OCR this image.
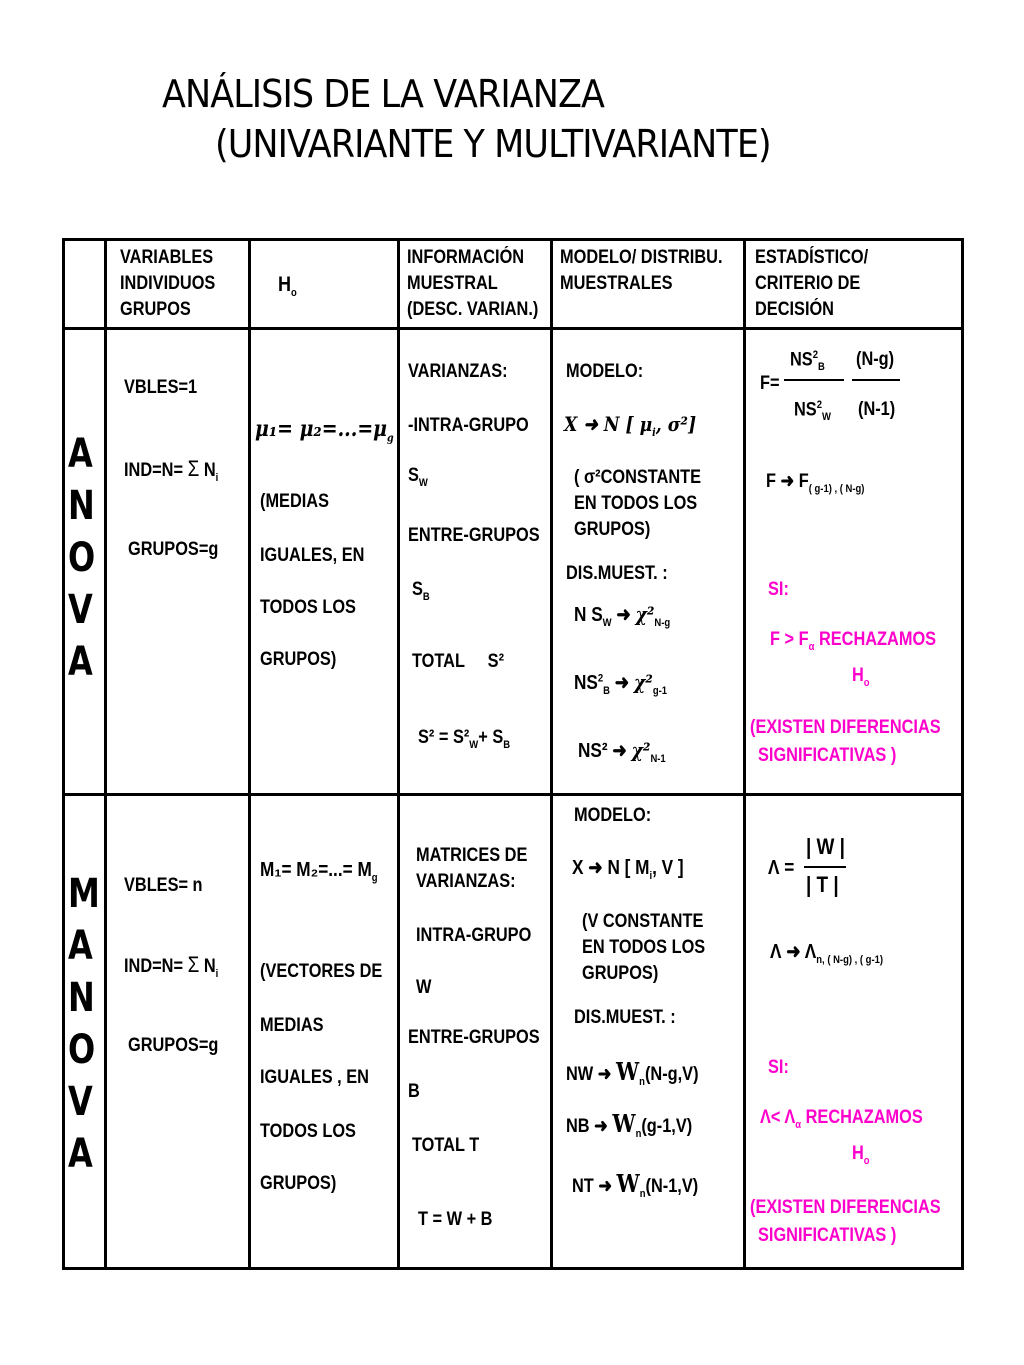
ANÁLISIS DE LA VARIANZA
(UNIVARIANTE Y MULTIVARIANTE)
VARIABLES
INDIVIDUOS
GRUPOS
$H_o$
INFORMACIÓN
MUESTRAL
(DESC. VARIAN.)
MODELO/ DISTRIBU.
MUESTRALES
ESTADÍSTICO/
CRITERIO DE
DECISIÓN
A
N
O
V
A
VBLES=1
IND=N= Σ $N_i$
GRUPOS=g
$\mu_1= \mu_2=...=\mu_g$
(MEDIAS
IGUALES, EN
TODOS LOS
GRUPOS)
VARIANZAS:
-INTRA-GRUPO
$S_W$
ENTRE-GRUPOS
$S_B$
TOTAL S²
$S^2 = S^2_W+ S_B$
MODELO:
X ➜ N [ $\mu_i$, σ²]
( σ²CONSTANTE
EN TODOS LOS
GRUPOS)
DIS.MUEST. :
N $S_W$ ➜ $\chi^2_{N-g}$
$NS^2_B$ ➜ $\chi^2_{g-1}$
NS² ➜ $\chi^2_{N-1}$
F=
$NS^2_B$
$NS^2_W$
(N-g)
(N-1)
F ➜ $F_{( g-1) , ( N-g)}$
SI:
$F > F_\alpha$ RECHAZAMOS
$H_o$
(EXISTEN DIFERENCIAS
SIGNIFICATIVAS )
M
A
N
O
V
A
VBLES= n
IND=N= Σ $N_i$
GRUPOS=g
$M_1= M_2=...= M_g$
(VECTORES DE
MEDIAS
IGUALES , EN
TODOS LOS
GRUPOS)
MATRICES DE
VARIANZAS:
INTRA-GRUPO
W
ENTRE-GRUPOS
B
TOTAL T
T = W + B
MODELO:
X ➜ N [ $M_i$, V ]
(V CONSTANTE
EN TODOS LOS
GRUPOS)
DIS.MUEST. :
NW ➜ $W_n(N-g,V)$
NB ➜ $W_n(g-1,V)$
NT ➜ $W_n(N-1,V)$
Λ =
| W |
| T |
Λ ➜ $\Lambda_{n, ( N-g) , ( g-1)}$
SI:
$\Lambda< \Lambda_\alpha$ RECHAZAMOS
$H_o$
(EXISTEN DIFERENCIAS
SIGNIFICATIVAS )
